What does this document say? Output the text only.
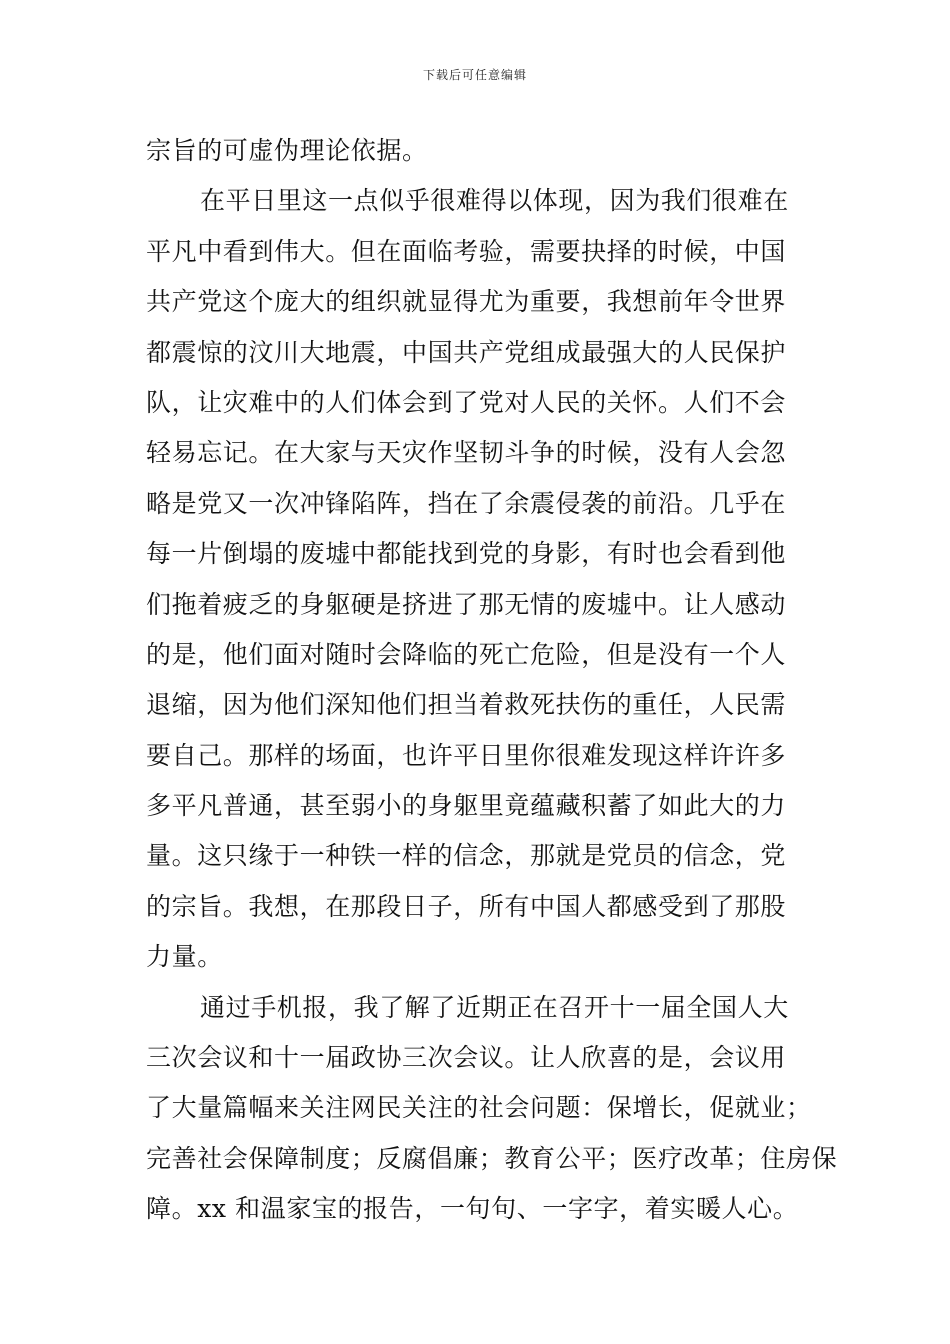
下载后可任意编辑
宗旨的可虚伪理论依据。
在平日里这一点似乎很难得以体现，因为我们很难在
平凡中看到伟大。但在面临考验，需要抉择的时候，中国
共产党这个庞大的组织就显得尤为重要，我想前年令世界
都震惊的汶川大地震，中国共产党组成最强大的人民保护
队，让灾难中的人们体会到了党对人民的关怀。人们不会
轻易忘记。在大家与天灾作坚韧斗争的时候，没有人会忽
略是党又一次冲锋陷阵，挡在了余震侵袭的前沿。几乎在
每一片倒塌的废墟中都能找到党的身影，有时也会看到他
们拖着疲乏的身躯硬是挤进了那无情的废墟中。让人感动
的是，他们面对随时会降临的死亡危险，但是没有一个人
退缩，因为他们深知他们担当着救死扶伤的重任，人民需
要自己。那样的场面，也许平日里你很难发现这样许许多
多平凡普通，甚至弱小的身躯里竟蕴藏积蓄了如此大的力
量。这只缘于一种铁一样的信念，那就是党员的信念，党
的宗旨。我想，在那段日子，所有中国人都感受到了那股
力量。
通过手机报，我了解了近期正在召开十一届全国人大
三次会议和十一届政协三次会议。让人欣喜的是，会议用
了大量篇幅来关注网民关注的社会问题：保增长，促就业；
完善社会保障制度；反腐倡廉；教育公平；医疗改革；住房保
障。xx 和温家宝的报告，一句句、一字字，着实暖人心。
